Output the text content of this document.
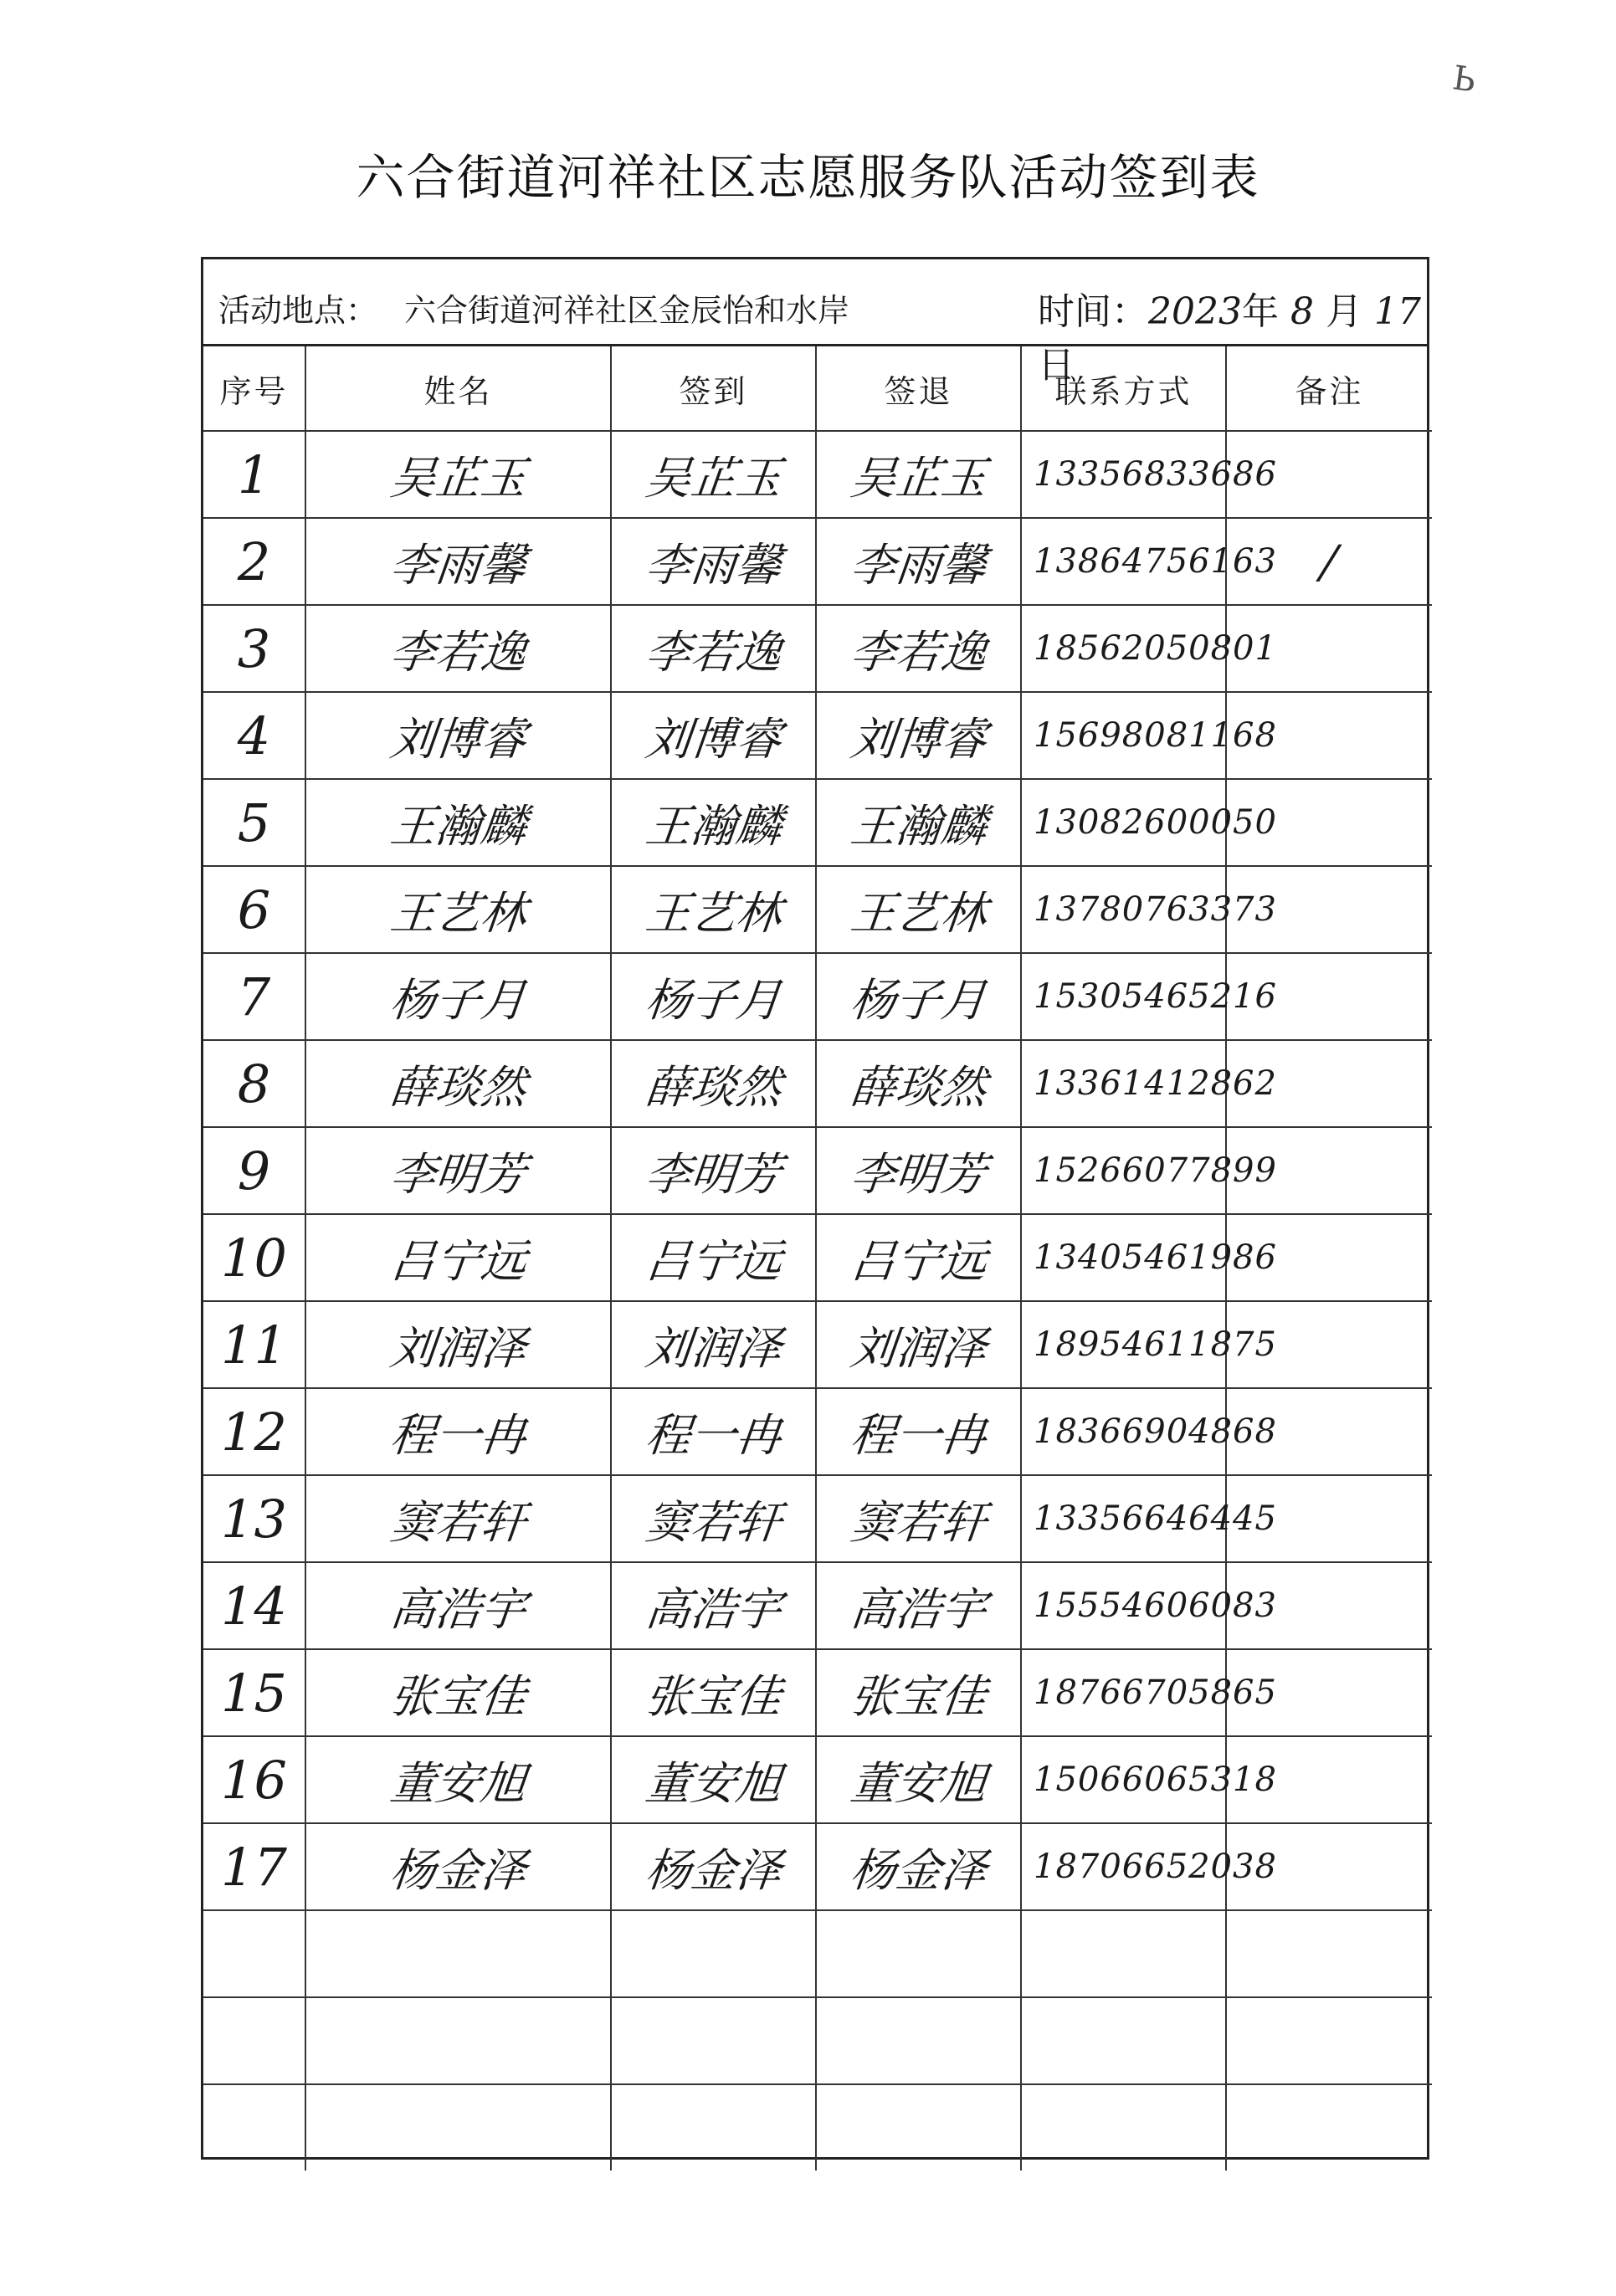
Ь
六合街道河祥社区志愿服务队活动签到表
活动地点： 六合街道河祥社区金辰怡和水岸	时间：2023年 8 月 17日
序号	姓名	签到	签退	联系方式	备注
1	吴芷玉	吴芷玉	吴芷玉	13356833686	

2	李雨馨	李雨馨	李雨馨	13864756163	/
3	李若逸	李若逸	李若逸	18562050801	

4	刘博睿	刘博睿	刘博睿	15698081168	

5	王瀚麟	王瀚麟	王瀚麟	13082600050	

6	王艺林	王艺林	王艺林	13780763373	

7	杨子月	杨子月	杨子月	15305465216	

8	薛琰然	薛琰然	薛琰然	13361412862	

9	李明芳	李明芳	李明芳	15266077899	

10	吕宁远	吕宁远	吕宁远	13405461986	

11	刘润泽	刘润泽	刘润泽	18954611875	

12	程一冉	程一冉	程一冉	18366904868	

13	窦若轩	窦若轩	窦若轩	13356646445	

14	高浩宇	高浩宇	高浩宇	15554606083	

15	张宝佳	张宝佳	张宝佳	18766705865	

16	董安旭	董安旭	董安旭	15066065318	

17	杨金泽	杨金泽	杨金泽	18706652038	
